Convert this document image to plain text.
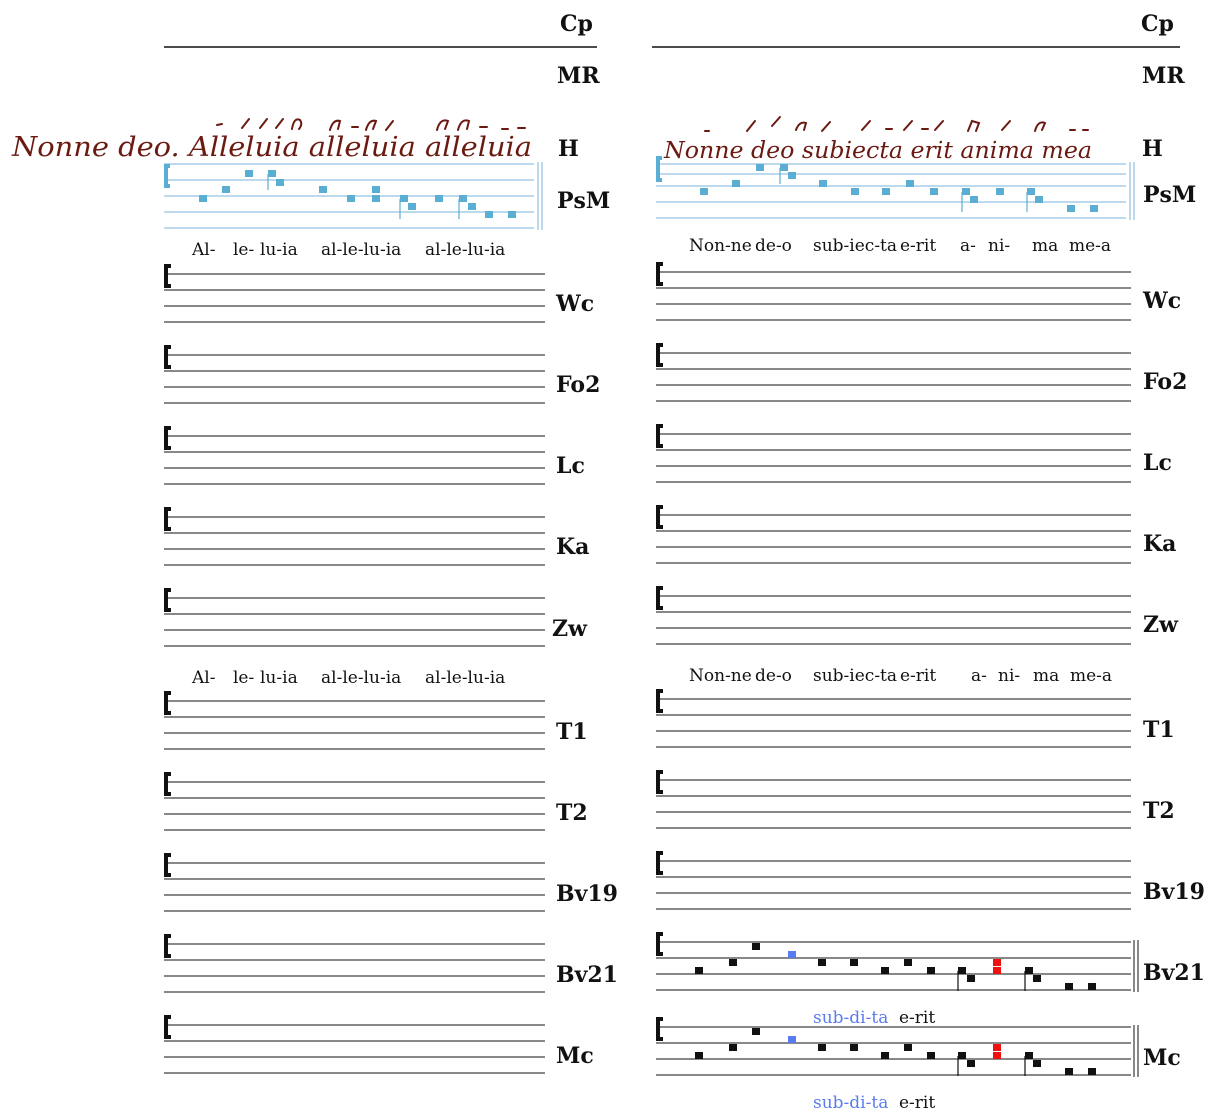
Cp
MR
H
PsM
Wc
Fo2
Lc
Ka
Zw
T1
T2
Bv19
Bv21
Mc
Cp
MR
H
PsM
Wc
Fo2
Lc
Ka
Zw
T1
T2
Bv19
Bv21
Mc
Nonne deo. Alleluia alleluia alleluia	Nonne deo subiecta erit anima mea
Al- le- lu-ia al-le-lu-ia al-le-lu-ia	Non-ne de-o sub-iec-ta e-rit a- ni- ma me-a
Al- le- lu-ia al-le-lu-ia al-le-lu-ia	Non-ne de-o sub-iec-ta e-rit a- ni- ma me-a
sub-di-ta e-rit
sub-di-ta e-rit
